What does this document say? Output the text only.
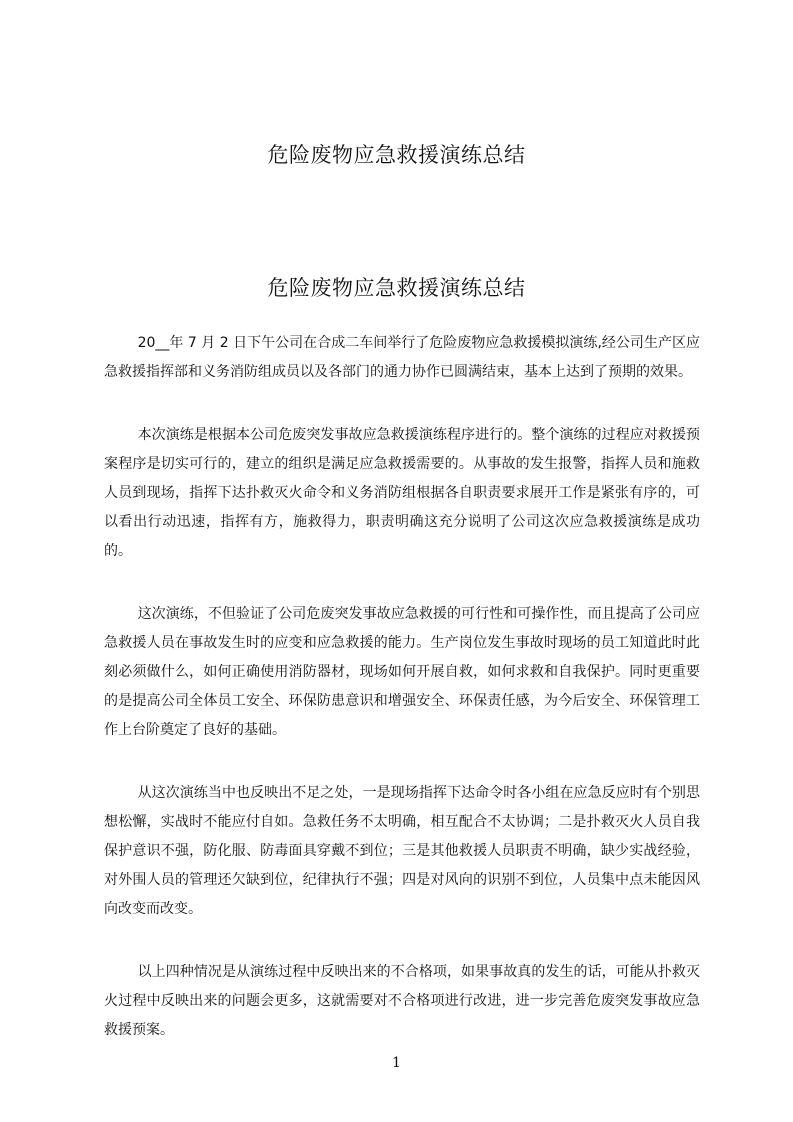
危险废物应急救援演练总结
危险废物应急救援演练总结

20__年 7 月 2 日下午公司在合成二车间举行了危险废物应急救援模拟演练,经公司生产区应急救援指挥部和义务消防组成员以及各部门的通力协作已圆满结束，基本上达到了预期的效果。

本次演练是根据本公司危废突发事故应急救援演练程序进行的。整个演练的过程应对救援预案程序是切实可行的，建立的组织是满足应急救援需要的。从事故的发生报警，指挥人员和施救人员到现场，指挥下达扑救灭火命令和义务消防组根据各自职责要求展开工作是紧张有序的，可以看出行动迅速，指挥有方，施救得力，职责明确这充分说明了公司这次应急救援演练是成功的。

这次演练，不但验证了公司危废突发事故应急救援的可行性和可操作性，而且提高了公司应急救援人员在事故发生时的应变和应急救援的能力。生产岗位发生事故时现场的员工知道此时此刻必须做什么，如何正确使用消防器材，现场如何开展自救，如何求救和自我保护。同时更重要的是提高公司全体员工安全、环保防患意识和增强安全、环保责任感，为今后安全、环保管理工作上台阶奠定了良好的基础。

从这次演练当中也反映出不足之处，一是现场指挥下达命令时各小组在应急反应时有个别思想松懈，实战时不能应付自如。急救任务不太明确，相互配合不太协调；二是扑救灭火人员自我保护意识不强，防化服、防毒面具穿戴不到位；三是其他救援人员职责不明确，缺少实战经验，对外围人员的管理还欠缺到位，纪律执行不强；四是对风向的识别不到位，人员集中点未能因风向改变而改变。

以上四种情况是从演练过程中反映出来的不合格项，如果事故真的发生的话，可能从扑救灭火过程中反映出来的问题会更多，这就需要对不合格项进行改进，进一步完善危废突发事故应急救援预案。

1
